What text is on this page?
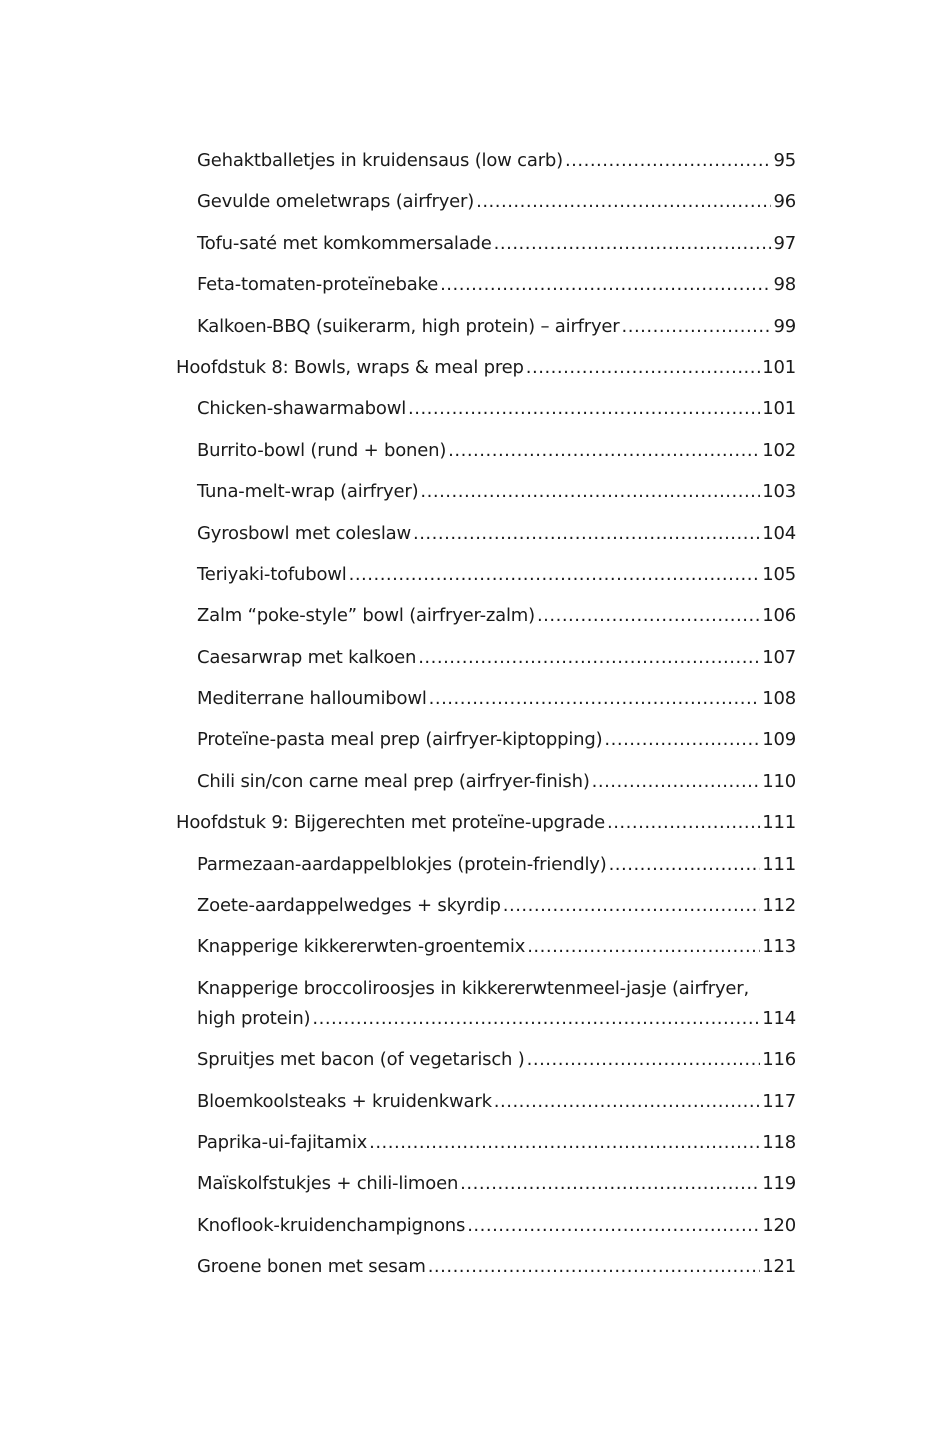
Gehaktballetjes in kruidensaus (low carb) .....	95
Gevulde omeletwraps (airfryer) .....	96
Tofu-saté met komkommersalade .....	97
Feta-tomaten-proteïnebake .....	98
Kalkoen-BBQ (suikerarm, high protein) – airfryer .....	99
Hoofdstuk 8: Bowls, wraps & meal prep .....	101
Chicken-shawarmabowl .....	101
Burrito-bowl (rund + bonen) .....	102
Tuna-melt-wrap (airfryer) .....	103
Gyrosbowl met coleslaw .....	104
Teriyaki-tofubowl .....	105
Zalm “poke-style” bowl (airfryer-zalm) .....	106
Caesarwrap met kalkoen .....	107
Mediterrane halloumibowl .....	108
Proteïne-pasta meal prep (airfryer-kiptopping) .....	109
Chili sin/con carne meal prep (airfryer-finish) .....	110
Hoofdstuk 9: Bijgerechten met proteïne-upgrade .....	111
Parmezaan-aardappelblokjes (protein-friendly) .....	111
Zoete-aardappelwedges + skyrdip .....	112
Knapperige kikkererwten-groentemix .....	113
Knapperige broccoliroosjes in kikkererwtenmeel-jasje (airfryer,
high protein) .....	114
Spruitjes met bacon (of vegetarisch ) .....	116
Bloemkoolsteaks + kruidenkwark .....	117
Paprika-ui-fajitamix .....	118
Maïskolfstukjes + chili-limoen .....	119
Knoflook-kruidenchampignons .....	120
Groene bonen met sesam .....	121
